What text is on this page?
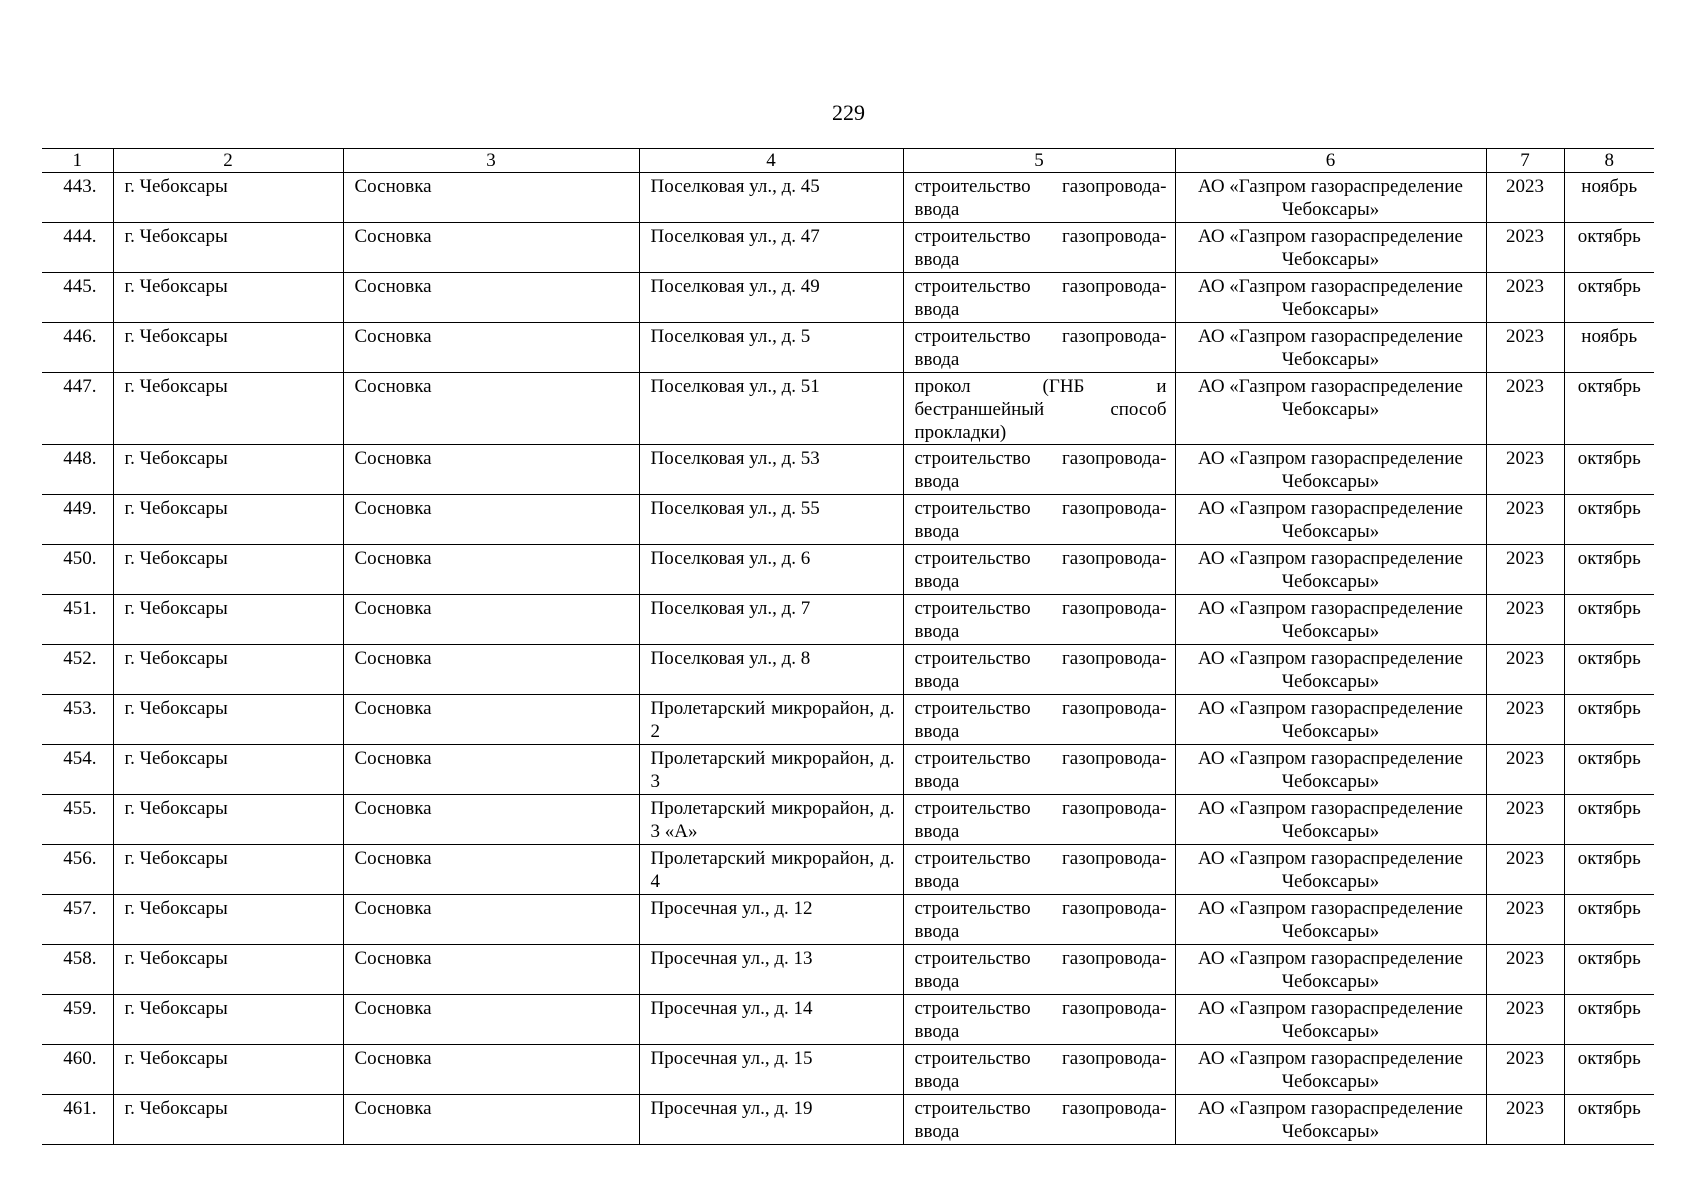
229
1	2	3	4	5	6	7	8
443.	г. Чебоксары	Сосновка	Поселковая ул., д. 45	строительство газопровода-ввода	АО «Газпром газораспределение Чебоксары»	2023	ноябрь
444.	г. Чебоксары	Сосновка	Поселковая ул., д. 47	строительство газопровода-ввода	АО «Газпром газораспределение Чебоксары»	2023	октябрь
445.	г. Чебоксары	Сосновка	Поселковая ул., д. 49	строительство газопровода-ввода	АО «Газпром газораспределение Чебоксары»	2023	октябрь
446.	г. Чебоксары	Сосновка	Поселковая ул., д. 5	строительство газопровода-ввода	АО «Газпром газораспределение Чебоксары»	2023	ноябрь
447.	г. Чебоксары	Сосновка	Поселковая ул., д. 51	прокол (ГНБ и бестраншейный способ прокладки)	АО «Газпром газораспределение Чебоксары»	2023	октябрь
448.	г. Чебоксары	Сосновка	Поселковая ул., д. 53	строительство газопровода-ввода	АО «Газпром газораспределение Чебоксары»	2023	октябрь
449.	г. Чебоксары	Сосновка	Поселковая ул., д. 55	строительство газопровода-ввода	АО «Газпром газораспределение Чебоксары»	2023	октябрь
450.	г. Чебоксары	Сосновка	Поселковая ул., д. 6	строительство газопровода-ввода	АО «Газпром газораспределение Чебоксары»	2023	октябрь
451.	г. Чебоксары	Сосновка	Поселковая ул., д. 7	строительство газопровода-ввода	АО «Газпром газораспределение Чебоксары»	2023	октябрь
452.	г. Чебоксары	Сосновка	Поселковая ул., д. 8	строительство газопровода-ввода	АО «Газпром газораспределение Чебоксары»	2023	октябрь
453.	г. Чебоксары	Сосновка	Пролетарский микрорайон, д. 2	строительство газопровода-ввода	АО «Газпром газораспределение Чебоксары»	2023	октябрь
454.	г. Чебоксары	Сосновка	Пролетарский микрорайон, д. 3	строительство газопровода-ввода	АО «Газпром газораспределение Чебоксары»	2023	октябрь
455.	г. Чебоксары	Сосновка	Пролетарский микрорайон, д. 3 «А»	строительство газопровода-ввода	АО «Газпром газораспределение Чебоксары»	2023	октябрь
456.	г. Чебоксары	Сосновка	Пролетарский микрорайон, д. 4	строительство газопровода-ввода	АО «Газпром газораспределение Чебоксары»	2023	октябрь
457.	г. Чебоксары	Сосновка	Просечная ул., д. 12	строительство газопровода-ввода	АО «Газпром газораспределение Чебоксары»	2023	октябрь
458.	г. Чебоксары	Сосновка	Просечная ул., д. 13	строительство газопровода-ввода	АО «Газпром газораспределение Чебоксары»	2023	октябрь
459.	г. Чебоксары	Сосновка	Просечная ул., д. 14	строительство газопровода-ввода	АО «Газпром газораспределение Чебоксары»	2023	октябрь
460.	г. Чебоксары	Сосновка	Просечная ул., д. 15	строительство газопровода-ввода	АО «Газпром газораспределение Чебоксары»	2023	октябрь
461.	г. Чебоксары	Сосновка	Просечная ул., д. 19	строительство газопровода-ввода	АО «Газпром газораспределение Чебоксары»	2023	октябрь
